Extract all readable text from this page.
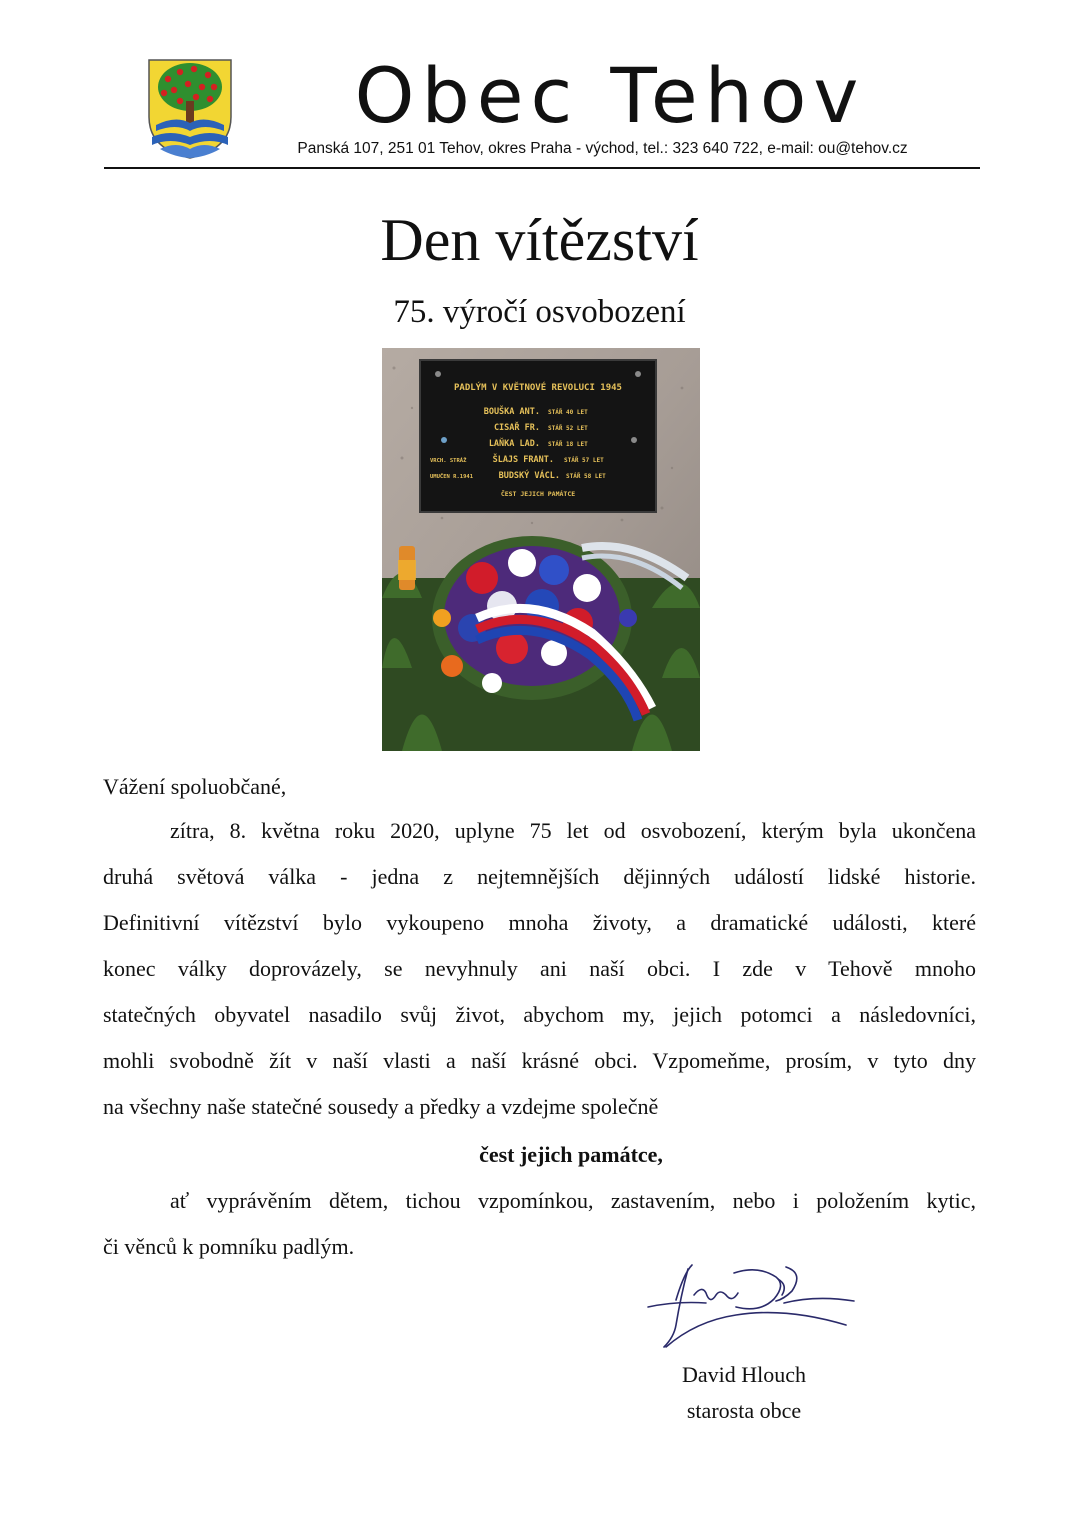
Obec Tehov
Panská 107, 251 01 Tehov, okres Praha - východ, tel.: 323 640 722, e-mail: ou@tehov.cz
Den vítězství
75. výročí osvobození
PADLÝM V KVĚTNOVÉ REVOLUCI 1945
BOUŠKA ANT. STÁŘ 40 LET
CISAŘ FR. STÁŘ 52 LET
LAŇKA LAD. STÁŘ 18 LET
VRCH. STRÁŽ	ŠLAJS FRANT. STÁŘ 57 LET
UMUČEN R.1941	BUDSKÝ VÁCL. STÁŘ 58 LET
ČEST JEJICH PAMÁTCE
Vážení spoluobčané,
zítra, 8. května roku 2020, uplyne 75 let od osvobození, kterým byla ukončena
druhá světová válka - jedna z nejtemnějších dějinných událostí lidské historie.
Definitivní vítězství bylo vykoupeno mnoha životy, a dramatické události, které
konec války doprovázely, se nevyhnuly ani naší obci. I zde v Tehově mnoho
statečných obyvatel nasadilo svůj život, abychom my, jejich potomci a následovníci,
mohli svobodně žít v naší vlasti a naší krásné obci. Vzpomeňme, prosím, v tyto dny
na všechny naše statečné sousedy a předky a vzdejme společně
čest jejich památce,
ať vyprávěním dětem, tichou vzpomínkou, zastavením, nebo i položením kytic,
či věnců k pomníku padlým.
David Hlouch
starosta obce
